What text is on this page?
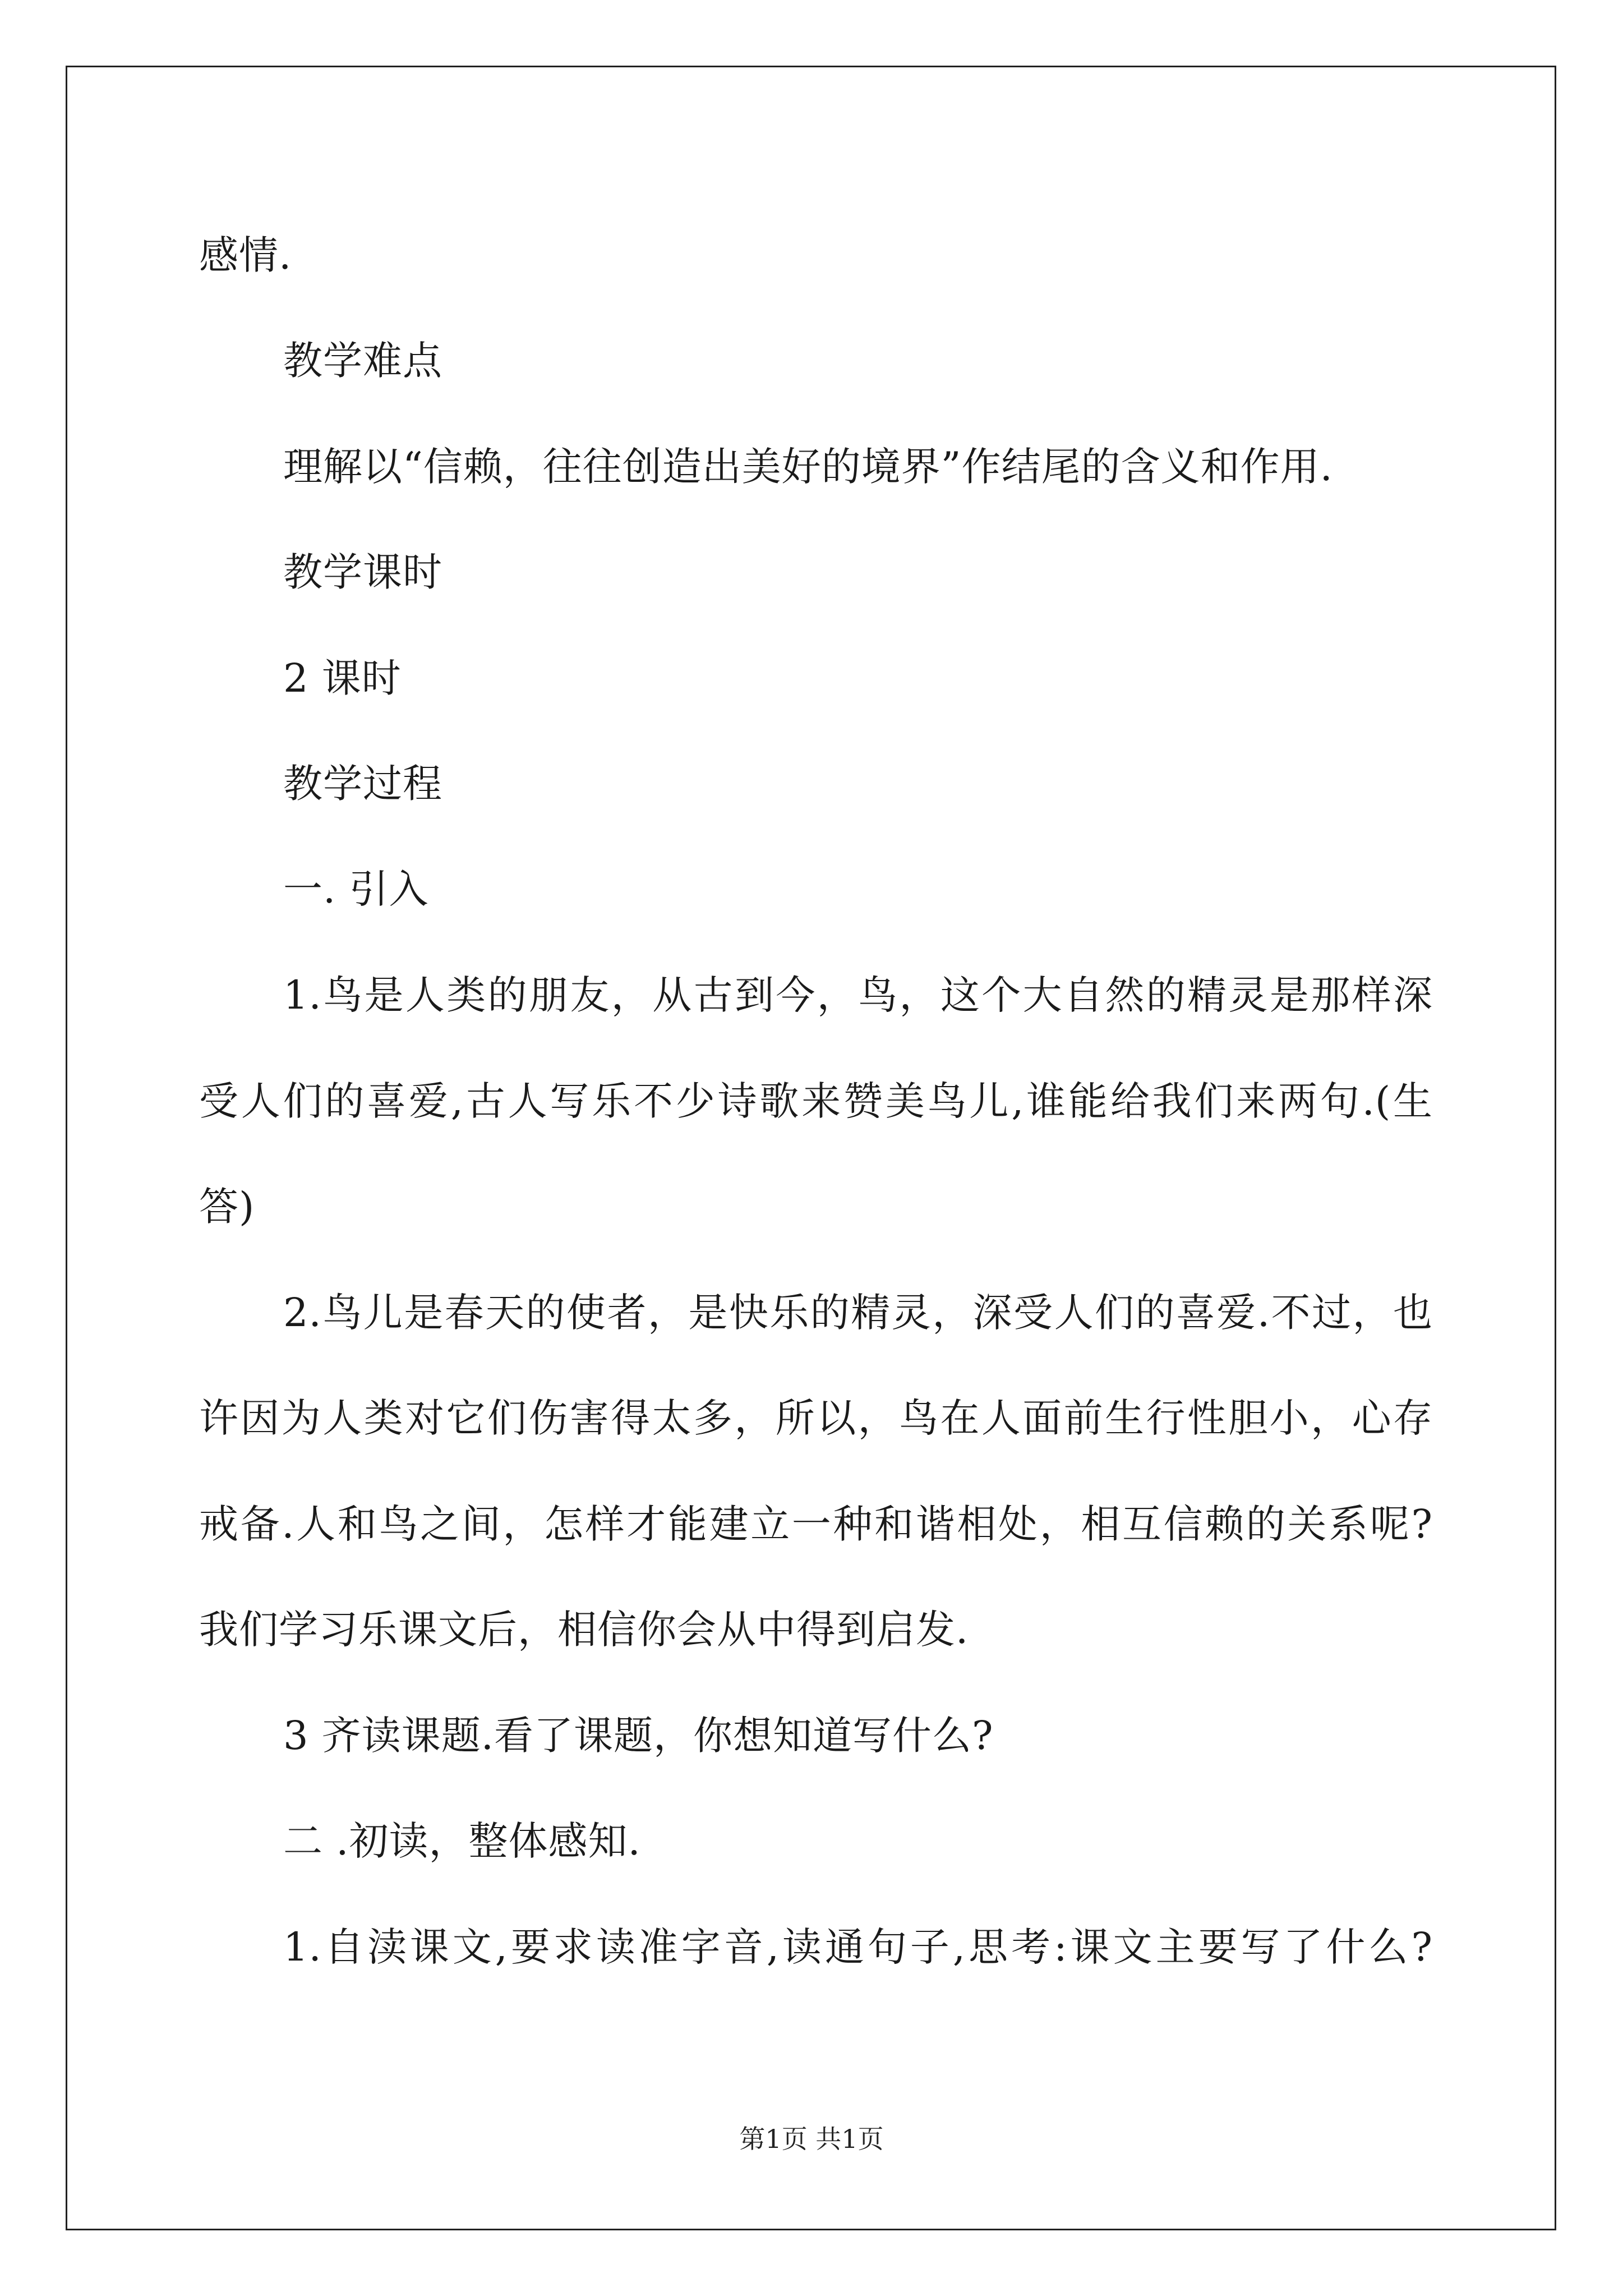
感情.
教学难点
理解以“信赖，往往创造出美好的境界”作结尾的含义和作用.
教学课时
2 课时
教学过程
一. 引入
1.鸟是人类的朋友，从古到今，鸟，这个大自然的精灵是那样深
受人们的喜爱,古人写乐不少诗歌来赞美鸟儿,谁能给我们来两句.(生
答)
2.鸟儿是春天的使者，是快乐的精灵，深受人们的喜爱.不过，也
许因为人类对它们伤害得太多，所以，鸟在人面前生行性胆小，心存
戒备.人和鸟之间，怎样才能建立一种和谐相处，相互信赖的关系呢?
我们学习乐课文后，相信你会从中得到启发.
3 齐读课题.看了课题，你想知道写什么?
二 .初读，整体感知.
1.自渎课文,要求读准字音,读通句子,思考:课文主要写了什么?
第1页 共1页
